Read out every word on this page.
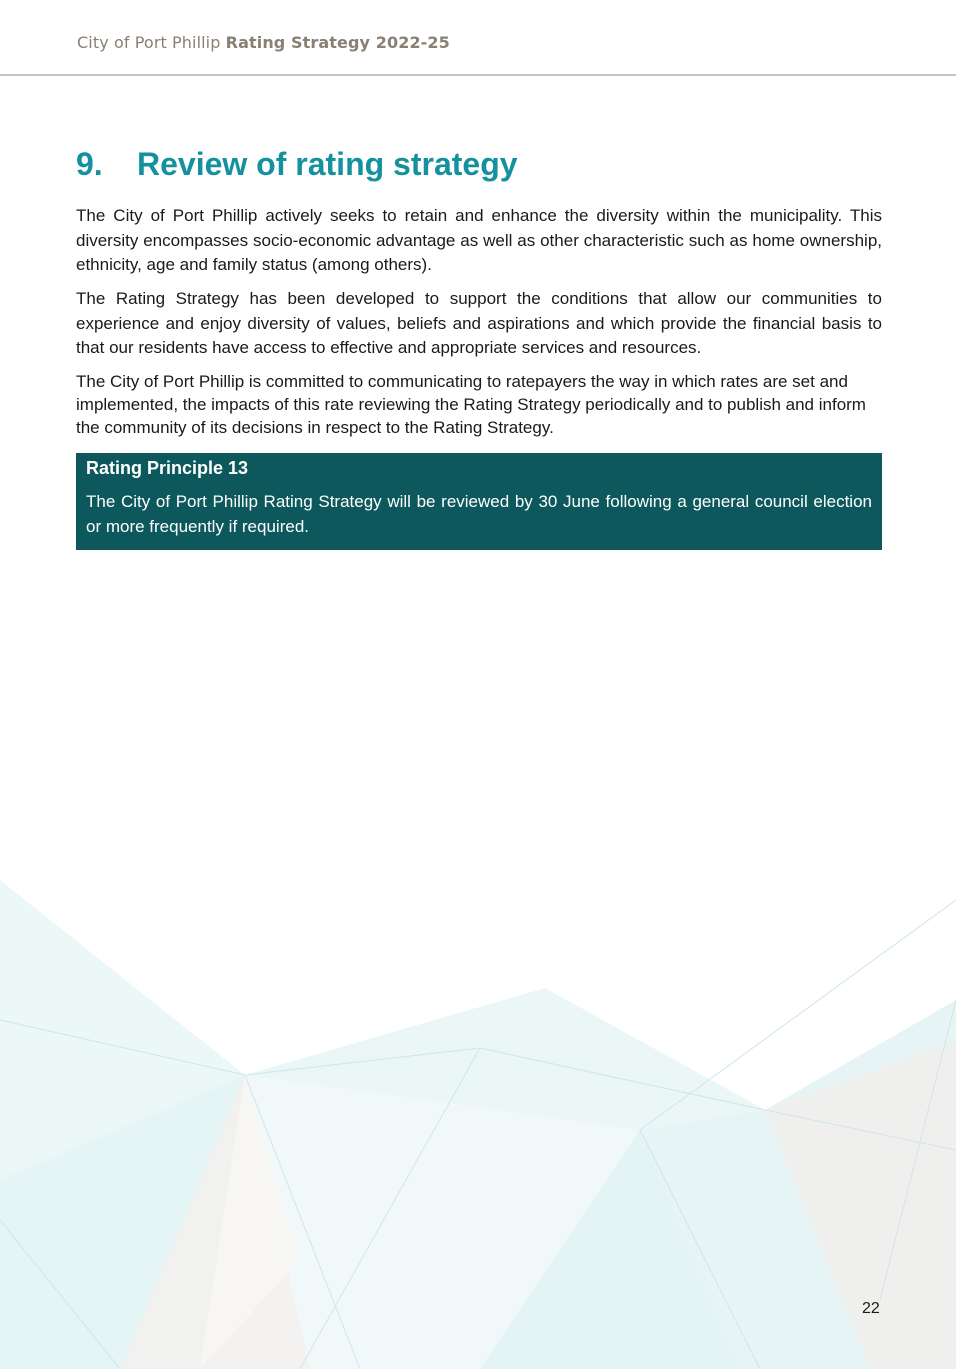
City of Port Phillip Rating Strategy 2022-25
9.	Review of rating strategy

The City of Port Phillip actively seeks to retain and enhance the diversity within the municipality. This diversity encompasses socio-economic advantage as well as other characteristic such as home ownership, ethnicity, age and family status (among others).

The Rating Strategy has been developed to support the conditions that allow our communities to experience and enjoy diversity of values, beliefs and aspirations and which provide the financial basis to that our residents have access to effective and appropriate services and resources.

The City of Port Phillip is committed to communicating to ratepayers the way in which rates are set and implemented, the impacts of this rate reviewing the Rating Strategy periodically and to publish and inform the community of its decisions in respect to the Rating Strategy.

Rating Principle 13
The City of Port Phillip Rating Strategy will be reviewed by 30 June following a general council election or more frequently if required.
22
